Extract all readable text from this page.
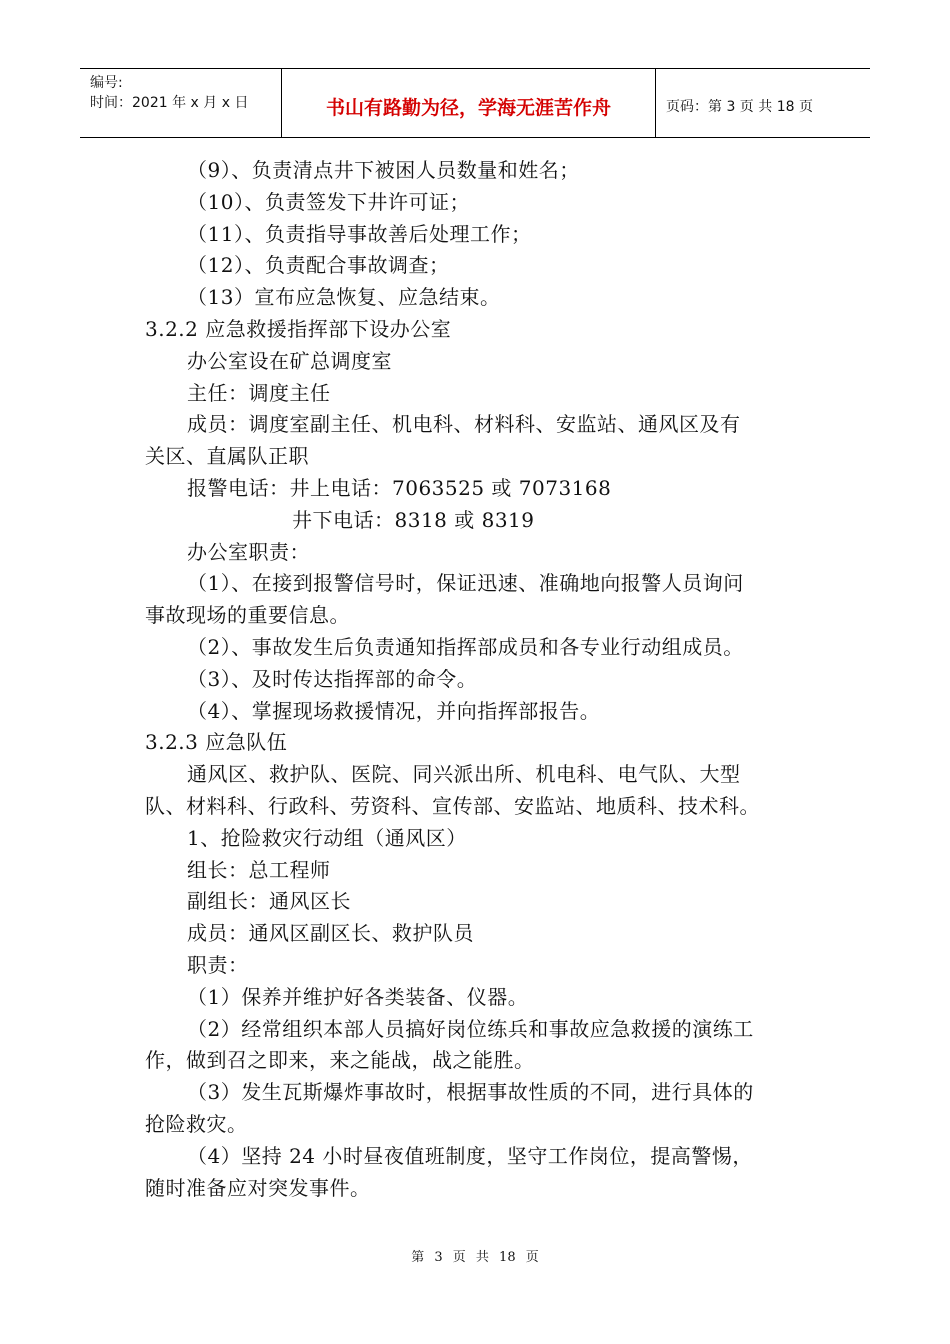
编号:
时间：2021 年 x 月 x 日	书山有路勤为径，学海无涯苦作舟	页码：第 3 页 共 18 页
（9）、负责清点井下被困人员数量和姓名；
（10）、负责签发下井许可证；
（11）、负责指导事故善后处理工作；
（12）、负责配合事故调查；
（13）宣布应急恢复、应急结束。
3.2.2 应急救援指挥部下设办公室
办公室设在矿总调度室
主任：调度主任
成员：调度室副主任、机电科、材料科、安监站、通风区及有
关区、直属队正职
报警电话：井上电话：7063525 或 7073168
井下电话：8318 或 8319
办公室职责：
（1）、在接到报警信号时，保证迅速、准确地向报警人员询问
事故现场的重要信息。
（2）、事故发生后负责通知指挥部成员和各专业行动组成员。
（3）、及时传达指挥部的命令。
（4）、掌握现场救援情况，并向指挥部报告。
3.2.3 应急队伍
通风区、救护队、医院、同兴派出所、机电科、电气队、大型
队、材料科、行政科、劳资科、宣传部、安监站、地质科、技术科。
1、抢险救灾行动组（通风区）
组长：总工程师
副组长：通风区长
成员：通风区副区长、救护队员
职责：
（1）保养并维护好各类装备、仪器。
（2）经常组织本部人员搞好岗位练兵和事故应急救援的演练工
作，做到召之即来，来之能战，战之能胜。
（3）发生瓦斯爆炸事故时，根据事故性质的不同，进行具体的
抢险救灾。
（4）坚持 24 小时昼夜值班制度，坚守工作岗位，提高警惕，
随时准备应对突发事件。
第 3 页 共 18 页
